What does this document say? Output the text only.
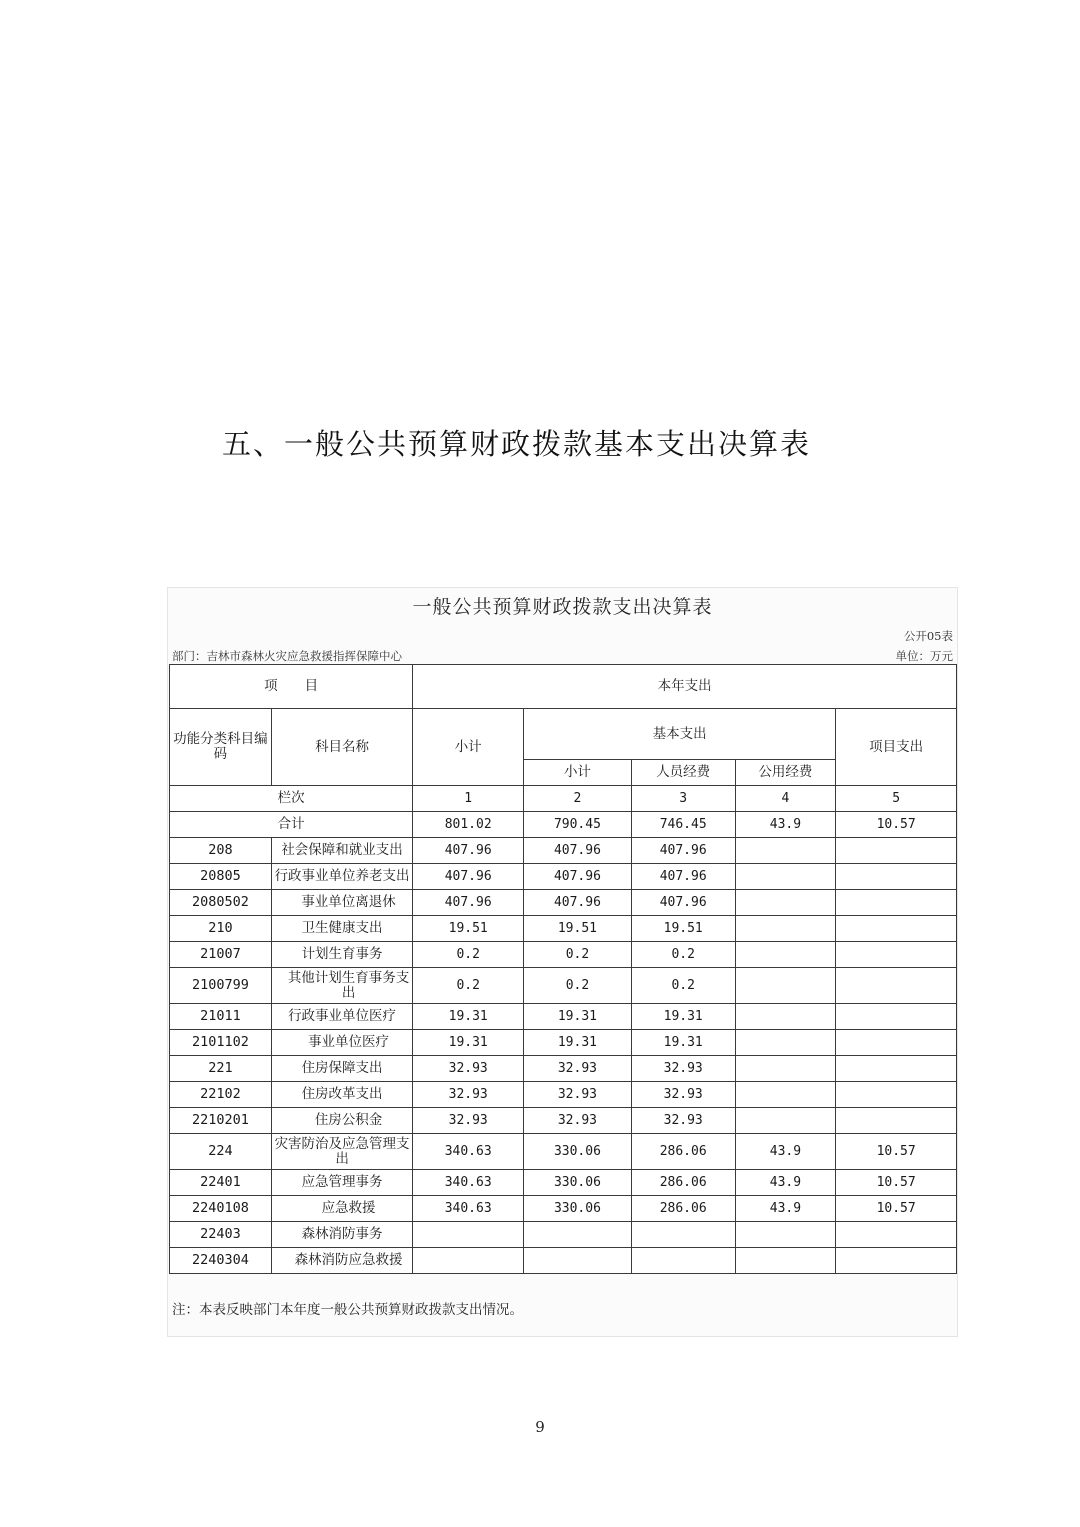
五、一般公共预算财政拨款基本支出决算表
一般公共预算财政拨款支出决算表
公开05表
部门：吉林市森林火灾应急救援指挥保障中心	单位：万元
项　　目		本年支出				
功能分类科目编码	科目名称	小计	基本支出			项目支出
			小计	人员经费	公用经费	
栏次		1	2	3	4	5
合计		801.02	790.45	746.45	43.9	10.57
208	社会保障和就业支出	407.96	407.96	407.96		
20805	行政事业单位养老支出	407.96	407.96	407.96		
2080502	事业单位离退休	407.96	407.96	407.96		
210	卫生健康支出	19.51	19.51	19.51		
21007	计划生育事务	0.2	0.2	0.2		
2100799	其他计划生育事务支出	0.2	0.2	0.2		
21011	行政事业单位医疗	19.31	19.31	19.31		
2101102	事业单位医疗	19.31	19.31	19.31		
221	住房保障支出	32.93	32.93	32.93		
22102	住房改革支出	32.93	32.93	32.93		
2210201	住房公积金	32.93	32.93	32.93		
224	灾害防治及应急管理支出	340.63	330.06	286.06	43.9	10.57
22401	应急管理事务	340.63	330.06	286.06	43.9	10.57
2240108	应急救援	340.63	330.06	286.06	43.9	10.57
22403	森林消防事务					
2240304	森林消防应急救援					
注：本表反映部门本年度一般公共预算财政拨款支出情况。
9
